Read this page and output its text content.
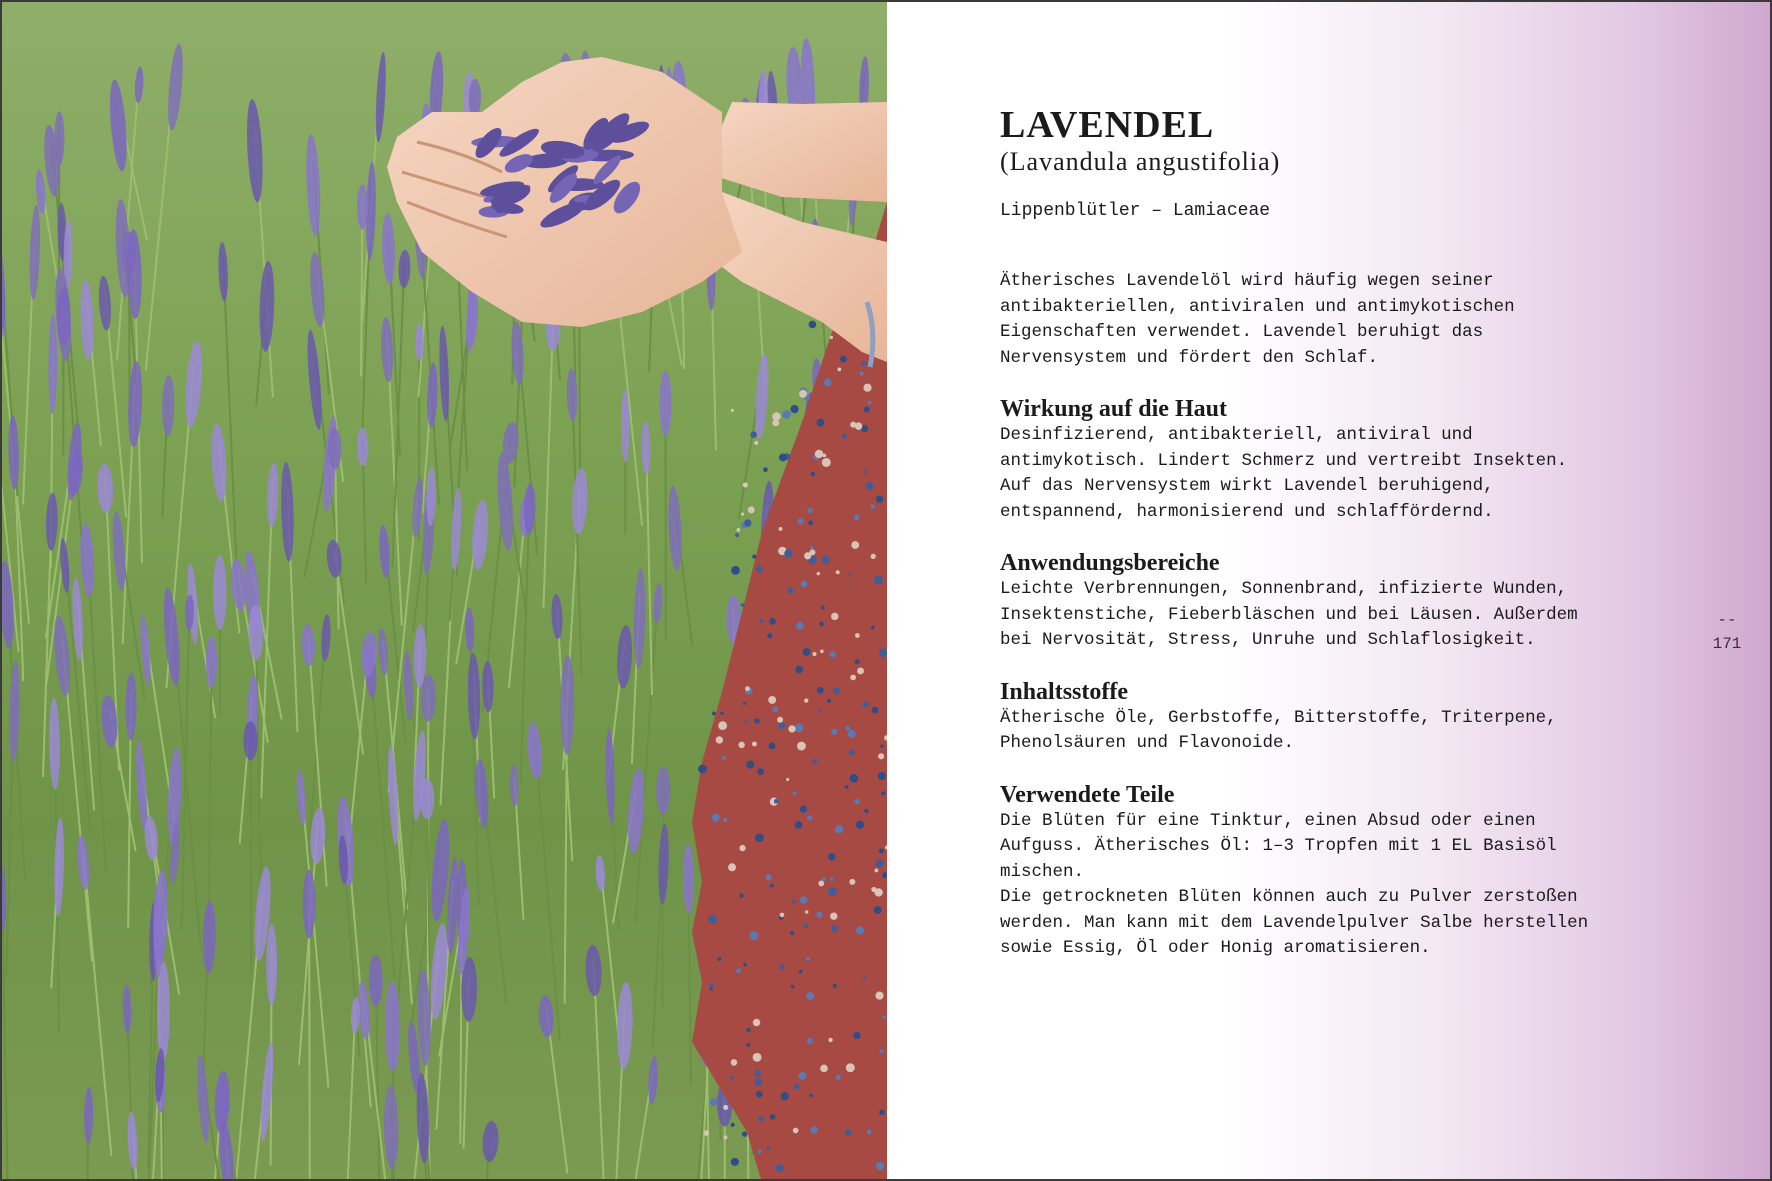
LAVENDEL
(Lavandula angustifolia)
Lippenblütler – Lamiaceae
Ätherisches Lavendelöl wird häufig wegen seiner
antibakteriellen, antiviralen und antimykotischen
Eigenschaften verwendet. Lavendel beruhigt das
Nervensystem und fördert den Schlaf.
Wirkung auf die Haut
Desinfizierend, antibakteriell, antiviral und
antimykotisch. Lindert Schmerz und vertreibt Insekten.
Auf das Nervensystem wirkt Lavendel beruhigend,
entspannend, harmonisierend und schlaffördernd.
Anwendungsbereiche
Leichte Verbrennungen, Sonnenbrand, infizierte Wunden,
Insektenstiche, Fieberbläschen und bei Läusen. Außerdem
bei Nervosität, Stress, Unruhe und Schlaflosigkeit.
Inhaltsstoffe
Ätherische Öle, Gerbstoffe, Bitterstoffe, Triterpene,
Phenolsäuren und Flavonoide.
Verwendete Teile
Die Blüten für eine Tinktur, einen Absud oder einen
Aufguss. Ätherisches Öl: 1–3 Tropfen mit 1 EL Basisöl
mischen.
Die getrockneten Blüten können auch zu Pulver zerstoßen
werden. Man kann mit dem Lavendelpulver Salbe herstellen
sowie Essig, Öl oder Honig aromatisieren.
--
171
